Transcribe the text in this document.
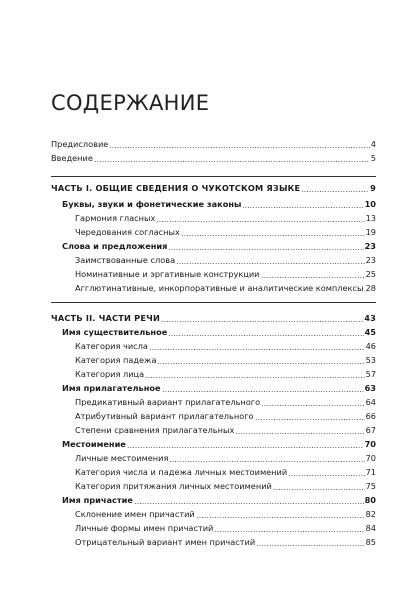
СОДЕРЖАНИЕ
Предисловие	4
Введение	5
ЧАСТЬ I. ОБЩИЕ СВЕДЕНИЯ О ЧУКОТСКОМ ЯЗЫКЕ	9
Буквы, звуки и фонетические законы	10
Гармония гласных	13
Чередования согласных	19
Слова и предложения	23
Заимствованные слова	23
Номинативные и эргативные конструкции	25
Агглютинативные, инкорпоративные и аналитические комплексы 28
ЧАСТЬ II. ЧАСТИ РЕЧИ	43
Имя существительное	45
Категория числа	46
Категория падежа	53
Категория лица	57
Имя прилагательное	63
Предикативный вариант прилагательного	64
Атрибутивный вариант прилагательного	66
Степени сравнения прилагательных	67
Местоимение	70
Личные местоимения	70
Категория числа и падежа личных местоимений	71
Категория притяжания личных местоимений	75
Имя причастие	80
Склонение имен причастий	82
Личные формы имен причастий	84
Отрицательный вариант имен причастий	85
